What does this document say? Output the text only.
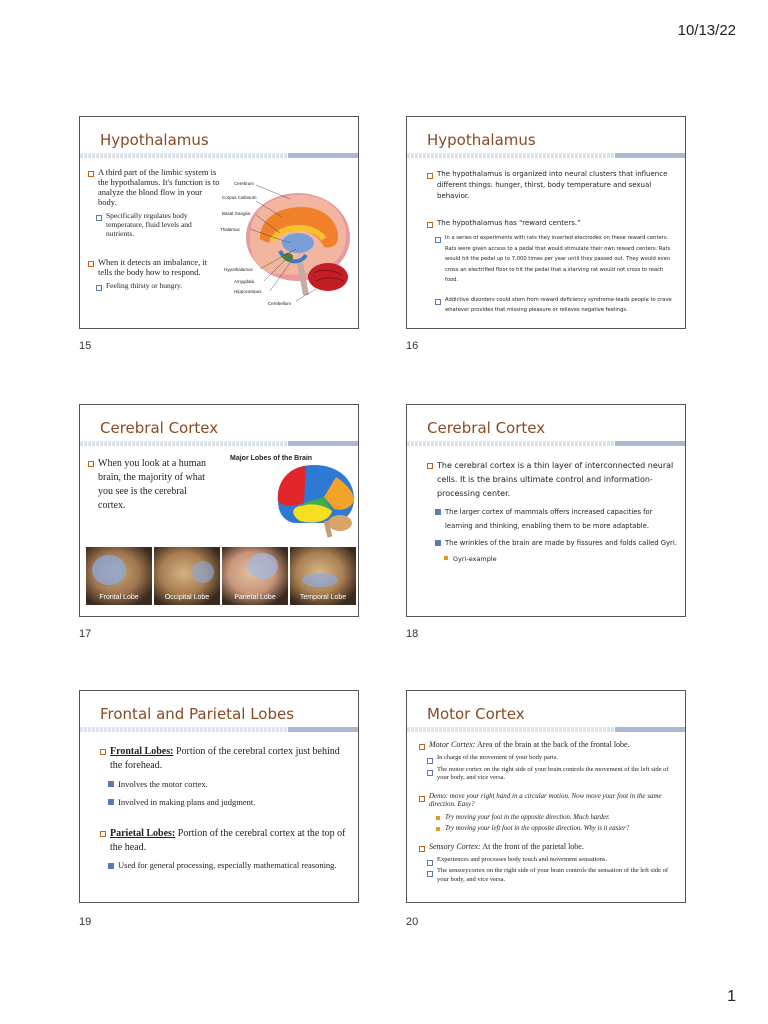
10/13/22
Hypothalamus
A third part of the limbic system is the hypothalamus. It's function is to analyze the blood flow in your body.
Specifically regulates body temperature, fluid levels and nutrients.
When it detects an imbalance, it tells the body how to respond.
Feeling thirsty or hungry.
Cerebrum
Corpus Callosum
Basal Ganglia
Thalamus
Hypothalamus
Amygdala
Hippocampus
Cerebellum
15
Hypothalamus
The hypothalamus is organized into neural clusters that influence different things: hunger, thirst, body temperature and sexual behavior.
The hypothalamus has “reward centers.”
In a series of experiments with rats they inserted electrodes on these reward centers. Rats were given access to a pedal that would stimulate their own reward centers. Rats would hit the pedal up to 7,000 times per year until they passed out. They would even cross an electrified floor to hit the pedal that a starving rat would not cross to reach food.
Addictive disorders could stem from reward deficiency syndrome-leads people to crave whatever provides that missing pleasure or relieves negative feelings.
16
Cerebral Cortex
When you look at a human brain, the majority of what you see is the cerebral cortex.
Major Lobes of the Brain
Frontal Lobe	Occipital Lobe	Parietal Lobe	Temporal Lobe
17
Cerebral Cortex
The cerebral cortex is a thin layer of interconnected neural cells. It is the brains ultimate control and information-processing center.
The larger cortex of mammals offers increased capacities for learning and thinking, enabling them to be more adaptable.
The wrinkles of the brain are made by fissures and folds called Gyri.
Gyri-example
18
Frontal and Parietal Lobes
Frontal Lobes: Portion of the cerebral cortex just behind the forehead.
Involves the motor cortex.
Involved in making plans and judgment.
Parietal Lobes: Portion of the cerebral cortex at the top of the head.
Used for general processing, especially mathematical reasoning.
19
Motor Cortex
Motor Cortex: Area of the brain at the back of the frontal lobe.
In charge of the movement of your body parts.
The motor cortex on the right side of your brain controls the movement of the left side of your body, and vice versa.
Demo: move your right hand in a circular motion. Now move your foot in the same direction. Easy?
Try moving your foot in the opposite direction. Much harder.
Try moving your left foot in the opposite direction. Why is it easier?
Sensory Cortex: At the front of the parietal lobe.
Experiences and processes body touch and movement sensations.
The sensorycortex on the right side of your brain controls the sensation of the left side of your body, and vice versa.
20
1
